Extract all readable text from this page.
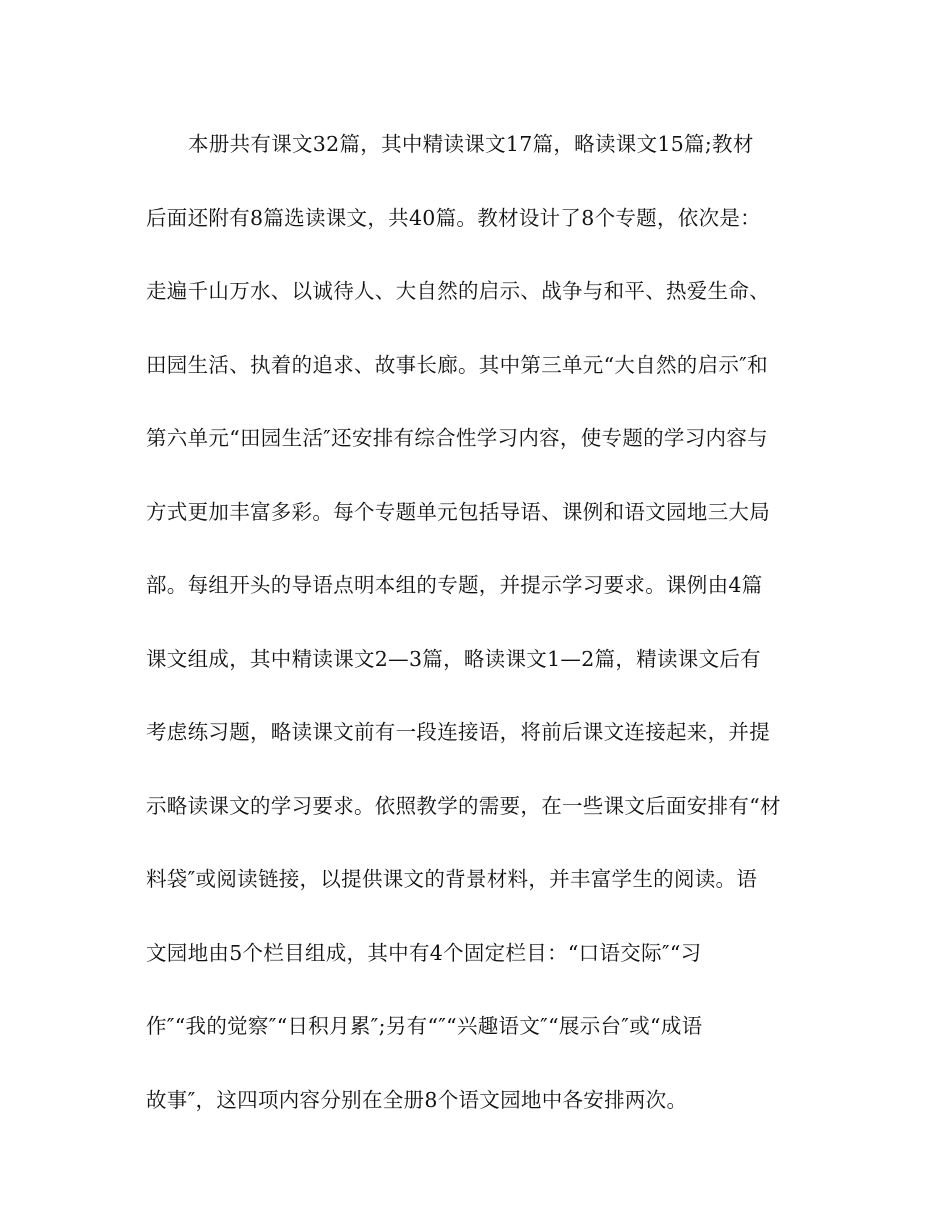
本册共有课文32篇，其中精读课文17篇，略读课文15篇;教材
后面还附有8篇选读课文，共40篇。教材设计了8个专题，依次是：
走遍千山万水、以诚待人、大自然的启示、战争与和平、热爱生命、
田园生活、执着的追求、故事长廊。其中第三单元“大自然的启示″和
第六单元“田园生活″还安排有综合性学习内容，使专题的学习内容与
方式更加丰富多彩。每个专题单元包括导语、课例和语文园地三大局
部。每组开头的导语点明本组的专题，并提示学习要求。课例由4篇
课文组成，其中精读课文2—3篇，略读课文1—2篇，精读课文后有
考虑练习题，略读课文前有一段连接语，将前后课文连接起来，并提
示略读课文的学习要求。依照教学的需要，在一些课文后面安排有“材
料袋″或阅读链接，以提供课文的背景材料，并丰富学生的阅读。语
文园地由5个栏目组成，其中有4个固定栏目：“口语交际″“习
作″“我的觉察″“日积月累″;另有“″“兴趣语文″“展示台″或“成语
故事″，这四项内容分别在全册8个语文园地中各安排两次。
